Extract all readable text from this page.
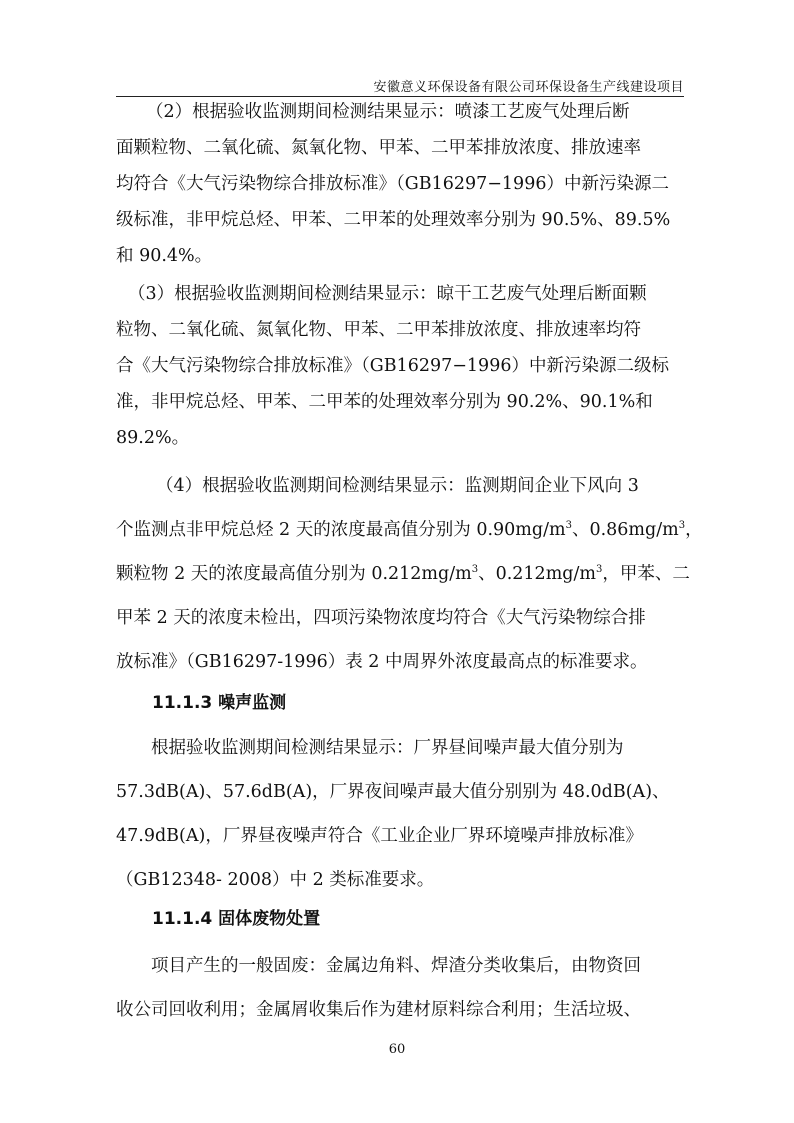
安徽意义环保设备有限公司环保设备生产线建设项目
（2）根据验收监测期间检测结果显示：喷漆工艺废气处理后断
面颗粒物、二氧化硫、氮氧化物、甲苯、二甲苯排放浓度、排放速率
均符合《大气污染物综合排放标准》（GB16297−1996）中新污染源二
级标准，非甲烷总烃、甲苯、二甲苯的处理效率分别为 90.5%、89.5%
和 90.4%。
（3）根据验收监测期间检测结果显示：晾干工艺废气处理后断面颗
粒物、二氧化硫、氮氧化物、甲苯、二甲苯排放浓度、排放速率均符
合《大气污染物综合排放标准》（GB16297−1996）中新污染源二级标
准，非甲烷总烃、甲苯、二甲苯的处理效率分别为 90.2%、90.1%和
89.2%。
（4）根据验收监测期间检测结果显示：监测期间企业下风向 3
个监测点非甲烷总烃 2 天的浓度最高值分别为 $0.90mg/m^3$、$0.86mg/m^3$，
颗粒物 2 天的浓度最高值分别为 $0.212mg/m^3$、$0.212mg/m^3$，甲苯、二
甲苯 2 天的浓度未检出，四项污染物浓度均符合《大气污染物综合排
放标准》（GB16297-1996）表 2 中周界外浓度最高点的标准要求。
11.1.3 噪声监测
根据验收监测期间检测结果显示：厂界昼间噪声最大值分别为
57.3dB(A)、57.6dB(A)，厂界夜间噪声最大值分别别为 48.0dB(A)、
47.9dB(A)，厂界昼夜噪声符合《工业企业厂界环境噪声排放标准》
（GB12348- 2008）中 2 类标准要求。
11.1.4 固体废物处置
项目产生的一般固废：金属边角料、焊渣分类收集后，由物资回
收公司回收利用；金属屑收集后作为建材原料综合利用；生活垃圾、
60
